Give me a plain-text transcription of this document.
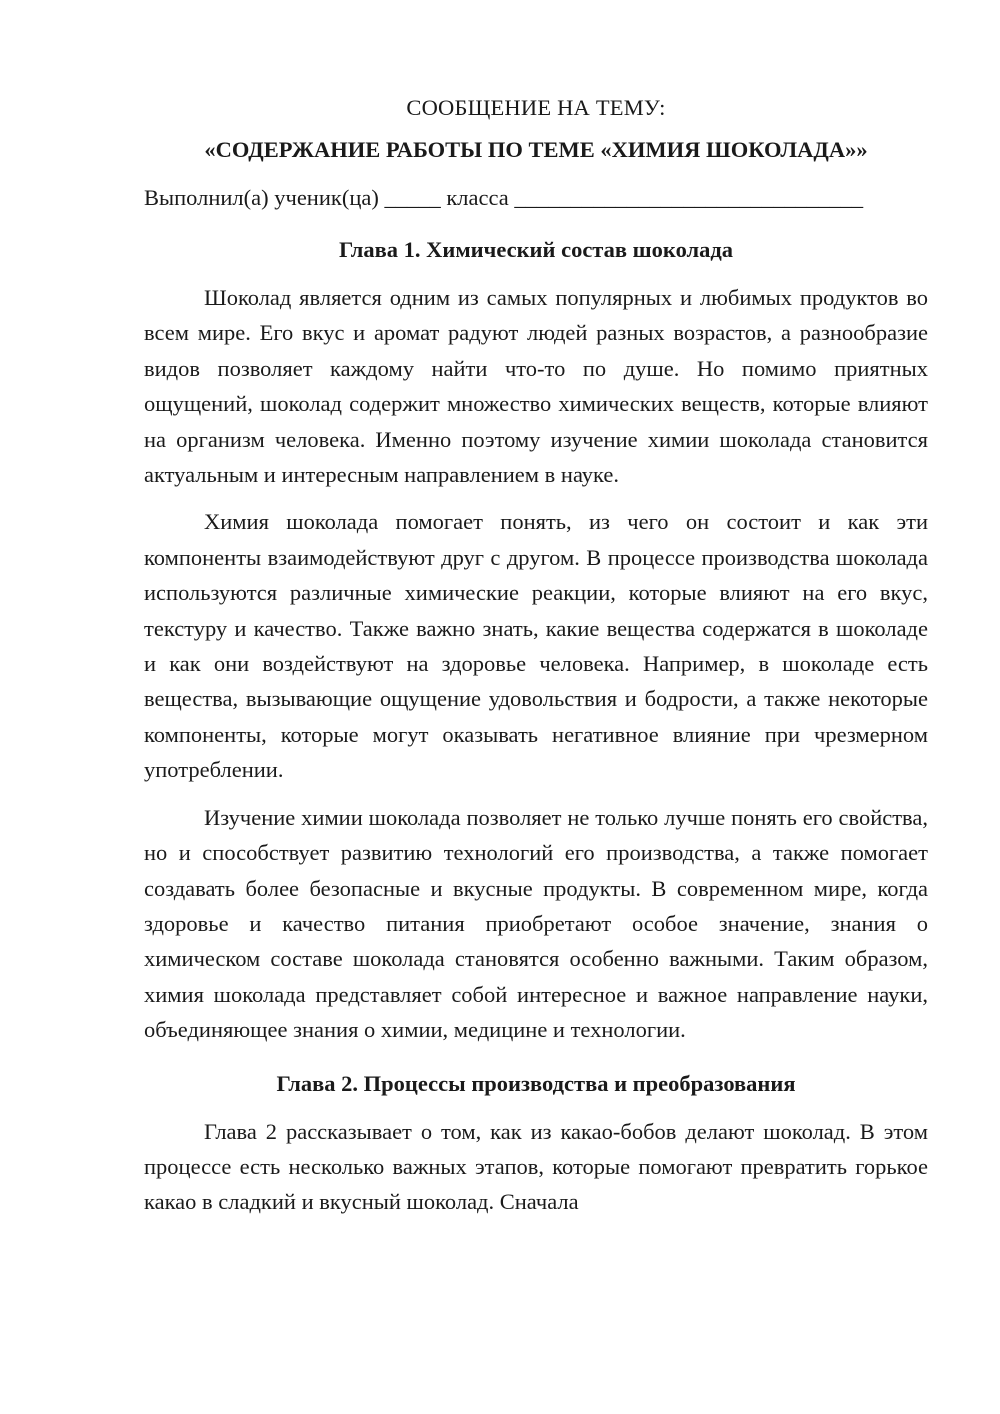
СООБЩЕНИЕ НА ТЕМУ:

«СОДЕРЖАНИЕ РАБОТЫ ПО ТЕМЕ «ХИМИЯ ШОКОЛАДА»»

Выполнил(а) ученик(ца) _____ класса _______________________________

Глава 1. Химический состав шоколада

Шоколад является одним из самых популярных и любимых продуктов во всем мире. Его вкус и аромат радуют людей разных возрастов, а разнообразие видов позволяет каждому найти что-то по душе. Но помимо приятных ощущений, шоколад содержит множество химических веществ, которые влияют на организм человека. Именно поэтому изучение химии шоколада становится актуальным и интересным направлением в науке.

Химия шоколада помогает понять, из чего он состоит и как эти компоненты взаимодействуют друг с другом. В процессе производства шоколада используются различные химические реакции, которые влияют на его вкус, текстуру и качество. Также важно знать, какие вещества содержатся в шоколаде и как они воздействуют на здоровье человека. Например, в шоколаде есть вещества, вызывающие ощущение удовольствия и бодрости, а также некоторые компоненты, которые могут оказывать негативное влияние при чрезмерном употреблении.

Изучение химии шоколада позволяет не только лучше понять его свойства, но и способствует развитию технологий его производства, а также помогает создавать более безопасные и вкусные продукты. В современном мире, когда здоровье и качество питания приобретают особое значение, знания о химическом составе шоколада становятся особенно важными. Таким образом, химия шоколада представляет собой интересное и важное направление науки, объединяющее знания о химии, медицине и технологии.

Глава 2. Процессы производства и преобразования

Глава 2 рассказывает о том, как из какао-бобов делают шоколад. В этом процессе есть несколько важных этапов, которые помогают превратить горькое какао в сладкий и вкусный шоколад. Сначала
